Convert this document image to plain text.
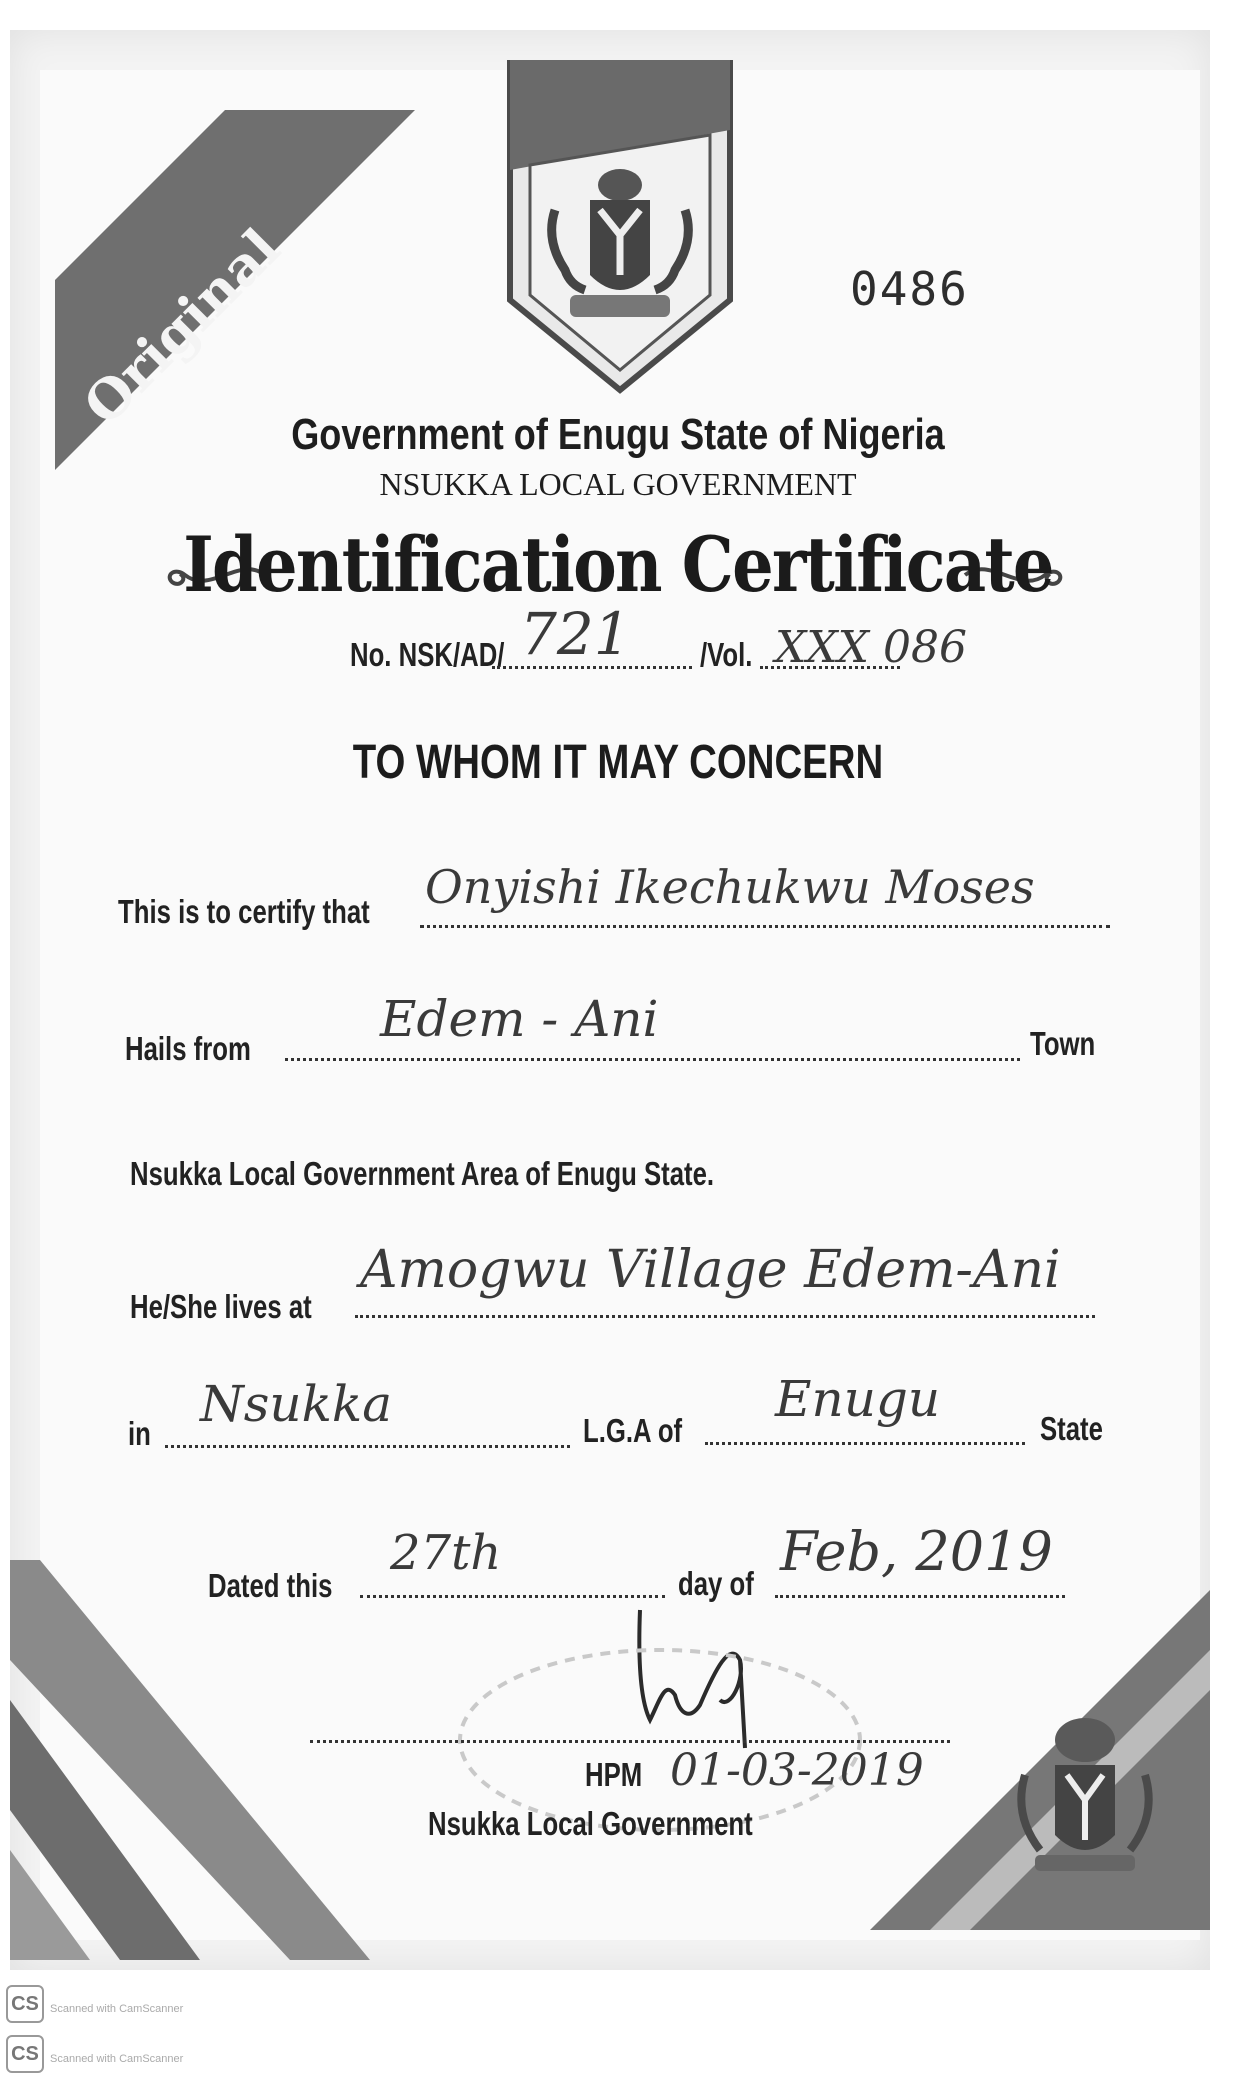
Original	0486
Government of Enugu State of Nigeria
NSUKKA LOCAL GOVERNMENT
Identification Certificate
No. NSK/AD/ 721 /Vol. XXX 086
TO WHOM IT MAY CONCERN
This is to certify that Onyishi Ikechukwu Moses
Hails from
Edem - Ani	Town
Nsukka Local Government Area of Enugu State.
He/She lives at
Amogwu Village Edem-Ani
in
Nsukka	L.G.A of
Enugu
State
Dated this
27th
day of
Feb, 2019
HPM 01-03-2019
Nsukka Local Government
CS	Scanned with CamScanner
CS	Scanned with CamScanner
